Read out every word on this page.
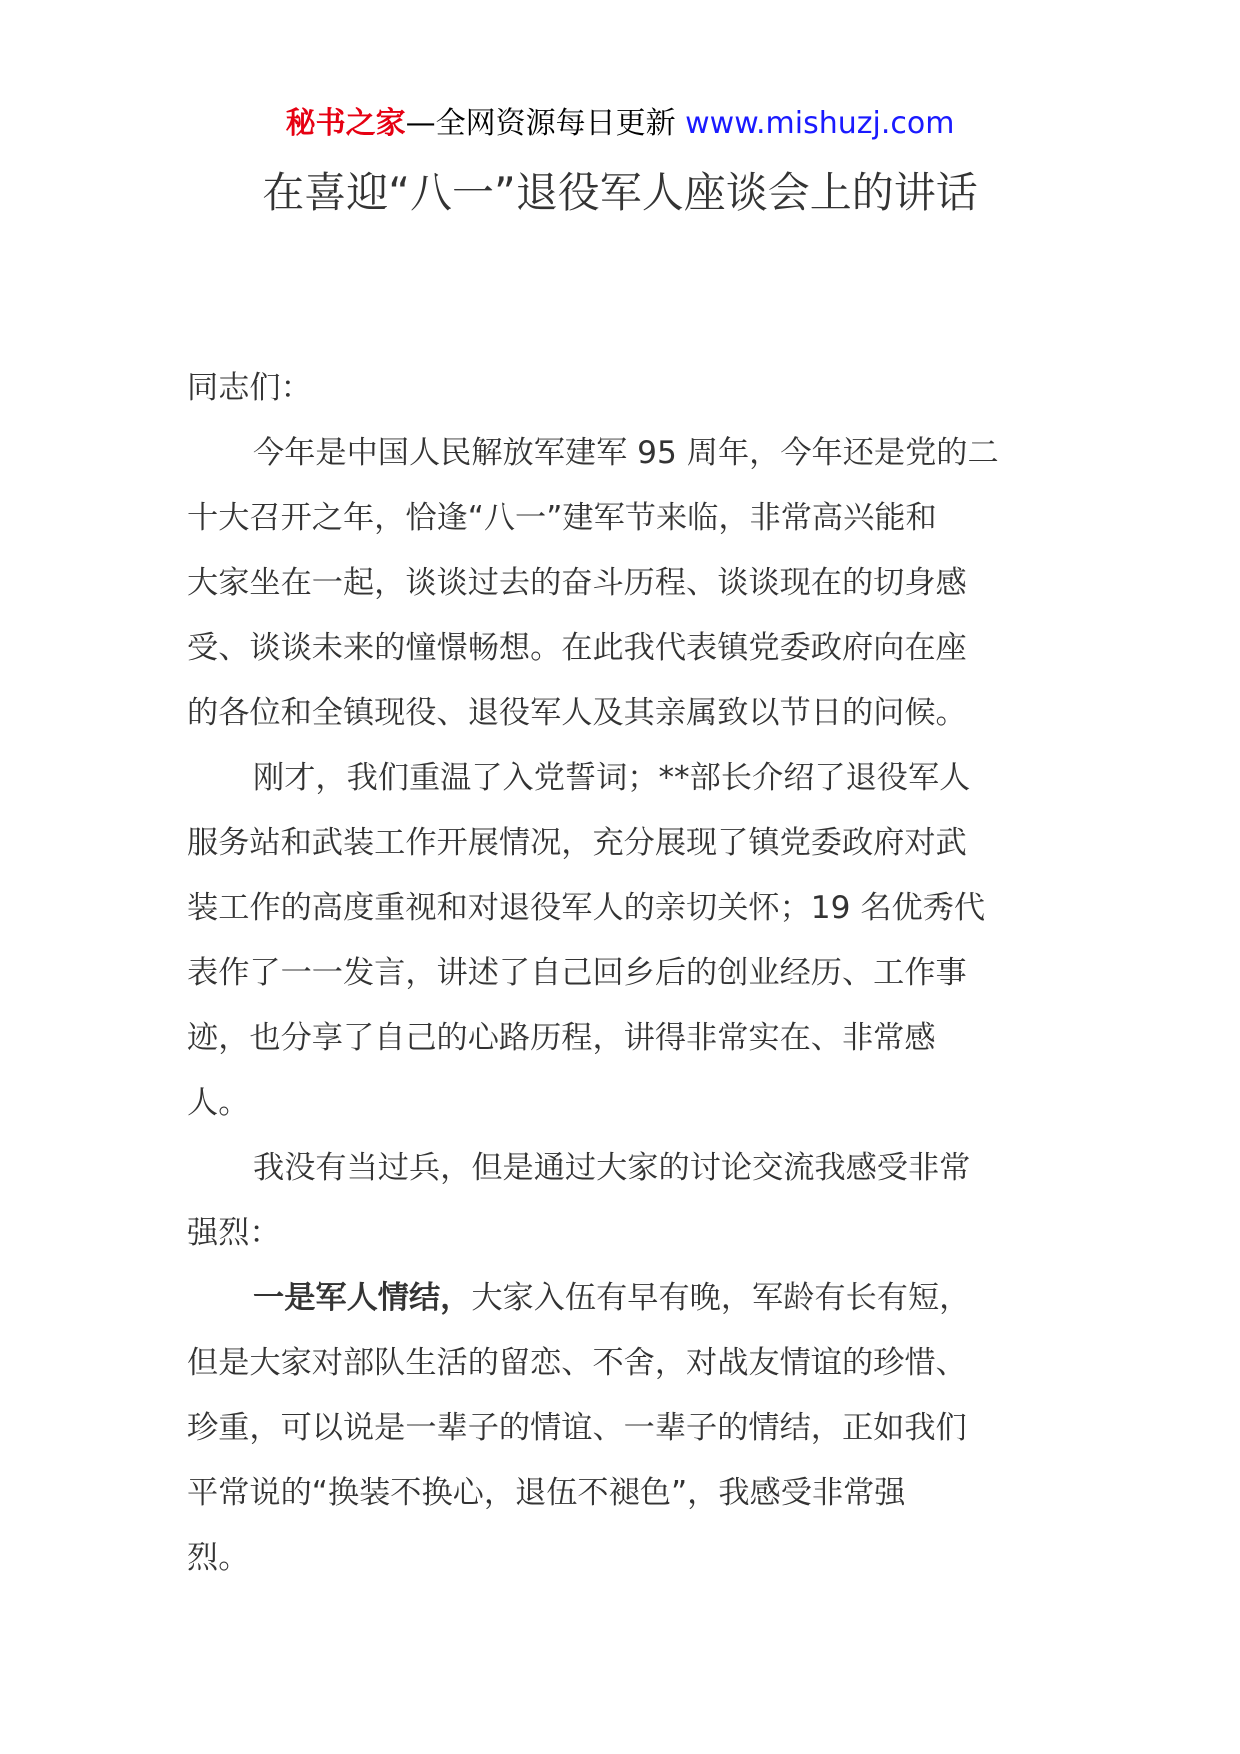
秘书之家—全网资源每日更新 www.mishuzj.com
在喜迎“八一”退役军人座谈会上的讲话

同志们：

今年是中国人民解放军建军 95 周年，今年还是党的二

十大召开之年，恰逢“八一”建军节来临，非常高兴能和

大家坐在一起，谈谈过去的奋斗历程、谈谈现在的切身感

受、谈谈未来的憧憬畅想。在此我代表镇党委政府向在座

的各位和全镇现役、退役军人及其亲属致以节日的问候。

刚才，我们重温了入党誓词；**部长介绍了退役军人

服务站和武装工作开展情况，充分展现了镇党委政府对武

装工作的高度重视和对退役军人的亲切关怀；19 名优秀代

表作了一一发言，讲述了自己回乡后的创业经历、工作事

迹，也分享了自己的心路历程，讲得非常实在、非常感

人。

我没有当过兵，但是通过大家的讨论交流我感受非常

强烈：

一是军人情结，大家入伍有早有晚，军龄有长有短，

但是大家对部队生活的留恋、不舍，对战友情谊的珍惜、

珍重，可以说是一辈子的情谊、一辈子的情结，正如我们

平常说的“换装不换心，退伍不褪色”，我感受非常强

烈。
